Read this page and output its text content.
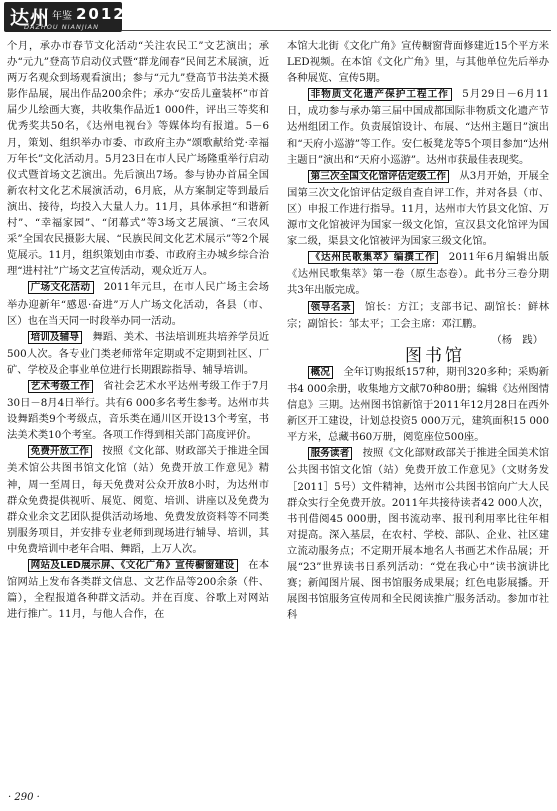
达州 年鉴 2012
DAZHOU NIANJIAN

个月，承办市春节文化活动“关注农民工”文艺演出；承办“元九”登高节启动仪式暨“群龙闹春”民间艺术展演，近两万名观众到场观看演出；参与“元九”登高节书法美术摄影作品展，展出作品200余件；承办“安岳儿童装杯”市首届少儿绘画大赛，共收集作品近1 000件，评出三等奖和优秀奖共50名，《达州电视台》等媒体均有报道。5－6月，策划、组织举办市委、市政府主办“颂歌献给党·幸福万年长”文化活动月。5月23日在市人民广场隆重举行启动仪式暨首场文艺演出。先后演出7场。参与协办首届全国新农村文化艺术展演活动，6月底，从方案制定等到最后演出、接待，均投入大量人力。11月，具体承担“和谐新村”、“幸福家园”、“闭幕式”等3场文艺展演、“三农风采”全国农民摄影大展、“民族民间文化艺术展示”等2个展览展示。11月，组织策划由市委、市政府主办城乡综合治理“进村社”广场文艺宣传活动，观众近万人。

广场文化活动  2011年元旦，在市人民广场主会场举办迎新年“感恩·奋进”万人广场文化活动，各县（市、区）也在当天同一时段举办同一活动。

培训及辅导  舞蹈、美术、书法培训班共培养学员近500人次。各专业门类老师常年定期或不定期到社区、厂矿、学校及企事业单位进行长期跟踪指导、辅导培训。

艺术考级工作  省社会艺术水平达州考级工作于7月30日－8月4日举行。共有6 000多名考生参考。达州市共设舞蹈类9个考级点，音乐类在通川区开设13个考室，书法美术类10个考室。各项工作得到相关部门高度评价。

免费开放工作  按照《文化部、财政部关于推进全国美术馆公共图书馆文化馆（站）免费开放工作意见》精神，周一至周日，每天免费对公众开放8小时，为达州市群众免费提供视听、展览、阅览、培训、讲座以及免费为群众业余文艺团队提供活动场地、免费发放资料等不同类别服务项目，并安排专业老师到现场进行辅导、培训，其中免费培训中老年合唱、舞蹈，上万人次。

网站及LED展示屏、《文化广角》宣传橱窗建设  在本馆网站上发布各类群文信息、文艺作品等200余条（件、篇），全程报道各种群文活动。并在百度、谷歌上对网站进行推广。11月，与他人合作，在

本馆大北街《文化广角》宣传橱窗背面修建近15个平方米LED视频。在本馆《文化广角》里，与其他单位先后举办各种展览、宣传5期。

非物质文化遗产保护工程工作  5月29日－6月11日，成功参与承办第三届中国成都国际非物质文化遗产节达州组团工作。负责展馆设计、布展、“达州主题日”演出和“天府小巡游”等工作。安仁板凳龙等5个项目参加“达州主题日”演出和“天府小巡游”。达州市获最佳表现奖。

第三次全国文化馆评估定级工作  从3月开始，开展全国第三次文化馆评估定级自查自评工作，并对各县（市、区）申报工作进行指导。11月，达州市大竹县文化馆、万源市文化馆被评为国家一级文化馆，宣汉县文化馆评为国家二级，渠县文化馆被评为国家三级文化馆。

《达州民歌集萃》编撰工作  2011年6月编辑出版《达州民歌集萃》第一卷（原生态卷）。此书分三卷分期共3年出版完成。

领导名录  馆长：方江；支部书记、副馆长：鲜林宗；副馆长：邹太平；工会主席：邓江鹏。

（杨　践）

图书馆

概况  全年订购报纸157种，期刊320多种；采购新书4 000余册，收集地方文献70种80册；编辑《达州图情信息》三期。达州图书馆新馆于2011年12月28日在西外新区开工建设，计划总投资5 000万元，建筑面积15 000平方米，总藏书60万册，阅览座位500座。

服务读者  按照《文化部财政部关于推进全国美术馆公共图书馆文化馆（站）免费开放工作意见》（文财务发［2011］5号）文件精神，达州市公共图书馆向广大人民群众实行全免费开放。2011年共接待读者42 000人次，书刊借阅45 000册，图书流动率、报刊利用率比往年相对提高。深入基层，在农村、学校、部队、企业、社区建立流动服务点；不定期开展本地名人书画艺术作品展；开展“23”世界读书日系列活动：“党在我心中”读书演讲比赛；新闻图片展、图书馆服务成果展；红色电影展播。开展图书馆服务宣传周和全民阅读推广服务活动。参加市社科

· 290 ·
